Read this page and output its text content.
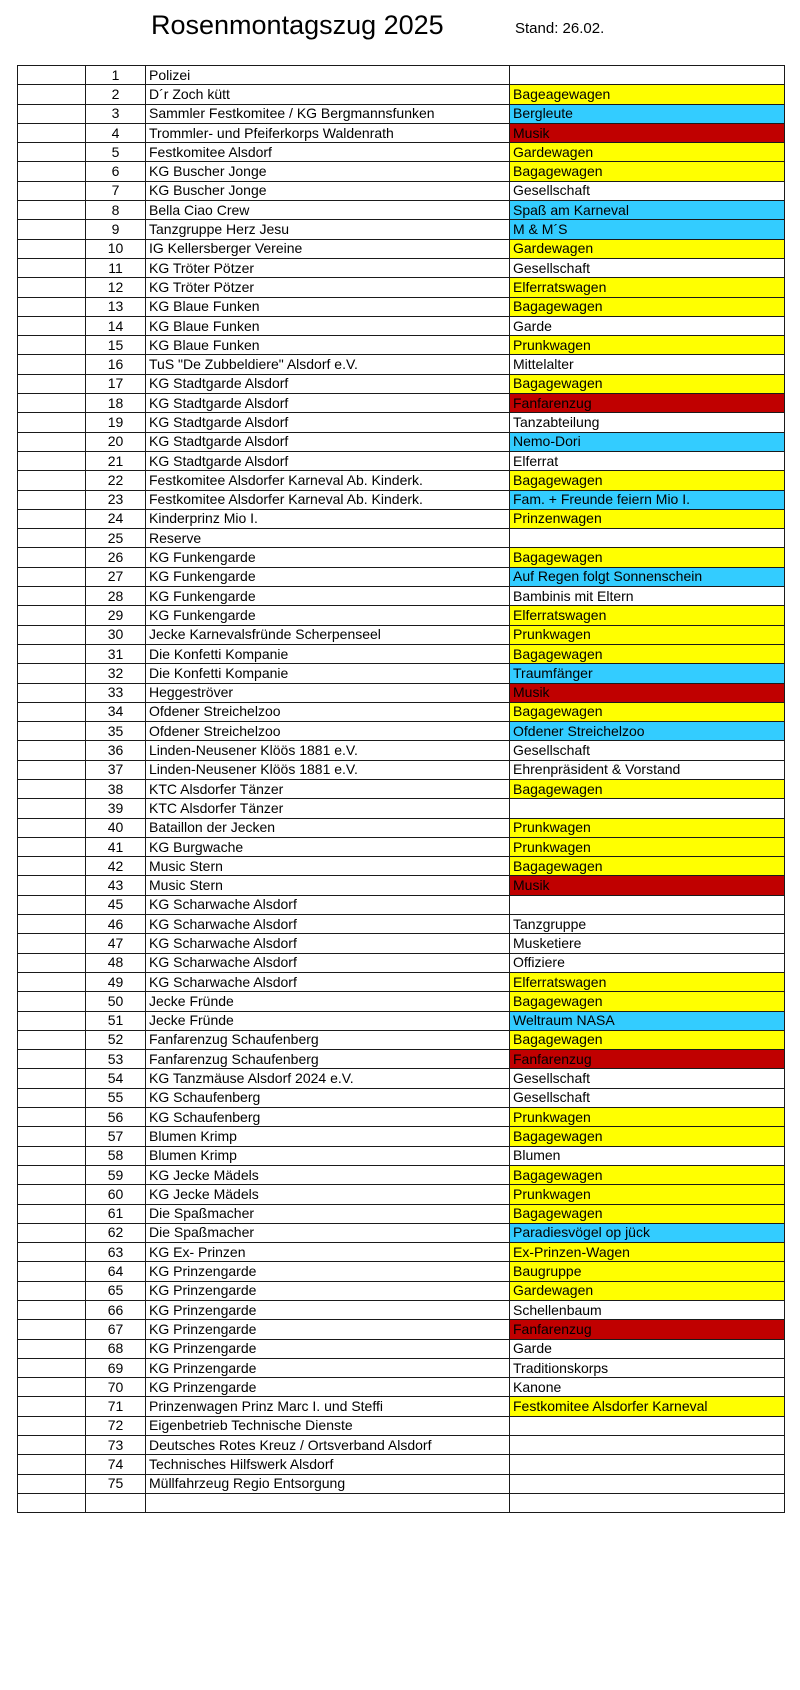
Rosenmontagszug 2025	Stand: 26.02.
	1	Polizei	
	2	D´r Zoch kütt	Bageagewagen
	3	Sammler Festkomitee / KG Bergmannsfunken	Bergleute
	4	Trommler- und Pfeiferkorps Waldenrath	Musik
	5	Festkomitee Alsdorf	Gardewagen
	6	KG Buscher Jonge	Bagagewagen
	7	KG Buscher Jonge	Gesellschaft
	8	Bella Ciao Crew	Spaß am Karneval
	9	Tanzgruppe Herz Jesu	M & M´S
	10	IG Kellersberger Vereine	Gardewagen
	11	KG Tröter Pötzer	Gesellschaft
	12	KG Tröter Pötzer	Elferratswagen
	13	KG Blaue Funken	Bagagewagen
	14	KG Blaue Funken	Garde
	15	KG Blaue Funken	Prunkwagen
	16	TuS "De Zubbeldiere" Alsdorf e.V.	Mittelalter
	17	KG Stadtgarde Alsdorf	Bagagewagen
	18	KG Stadtgarde Alsdorf	Fanfarenzug
	19	KG Stadtgarde Alsdorf	Tanzabteilung
	20	KG Stadtgarde Alsdorf	Nemo-Dori
	21	KG Stadtgarde Alsdorf	Elferrat
	22	Festkomitee Alsdorfer Karneval Ab. Kinderk.	Bagagewagen
	23	Festkomitee Alsdorfer Karneval Ab. Kinderk.	Fam. + Freunde feiern Mio I.
	24	Kinderprinz Mio I.	Prinzenwagen
	25	Reserve	
	26	KG Funkengarde	Bagagewagen
	27	KG Funkengarde	Auf Regen folgt Sonnenschein
	28	KG Funkengarde	Bambinis mit Eltern
	29	KG Funkengarde	Elferratswagen
	30	Jecke Karnevalsfründe Scherpenseel	Prunkwagen
	31	Die Konfetti Kompanie	Bagagewagen
	32	Die Konfetti Kompanie	Traumfänger
	33	Heggeströver	Musik
	34	Ofdener Streichelzoo	Bagagewagen
	35	Ofdener Streichelzoo	Ofdener Streichelzoo
	36	Linden-Neusener Klöös 1881 e.V.	Gesellschaft
	37	Linden-Neusener Klöös 1881 e.V.	Ehrenpräsident & Vorstand
	38	KTC Alsdorfer Tänzer	Bagagewagen
	39	KTC Alsdorfer Tänzer	
	40	Bataillon der Jecken	Prunkwagen
	41	KG Burgwache	Prunkwagen
	42	Music Stern	Bagagewagen
	43	Music Stern	Musik
	45	KG Scharwache Alsdorf	
	46	KG Scharwache Alsdorf	Tanzgruppe
	47	KG Scharwache Alsdorf	Musketiere
	48	KG Scharwache Alsdorf	Offiziere
	49	KG Scharwache Alsdorf	Elferratswagen
	50	Jecke Fründe	Bagagewagen
	51	Jecke Fründe	Weltraum NASA
	52	Fanfarenzug Schaufenberg	Bagagewagen
	53	Fanfarenzug Schaufenberg	Fanfarenzug
	54	KG Tanzmäuse Alsdorf 2024 e.V.	Gesellschaft
	55	KG Schaufenberg	Gesellschaft
	56	KG Schaufenberg	Prunkwagen
	57	Blumen Krimp	Bagagewagen
	58	Blumen Krimp	Blumen
	59	KG Jecke Mädels	Bagagewagen
	60	KG Jecke Mädels	Prunkwagen
	61	Die Spaßmacher	Bagagewagen
	62	Die Spaßmacher	Paradiesvögel op jück
	63	KG Ex- Prinzen	Ex-Prinzen-Wagen
	64	KG Prinzengarde	Baugruppe
	65	KG Prinzengarde	Gardewagen
	66	KG Prinzengarde	Schellenbaum
	67	KG Prinzengarde	Fanfarenzug
	68	KG Prinzengarde	Garde
	69	KG Prinzengarde	Traditionskorps
	70	KG Prinzengarde	Kanone
	71	Prinzenwagen Prinz Marc I. und Steffi	Festkomitee Alsdorfer Karneval
	72	Eigenbetrieb Technische Dienste	
	73	Deutsches Rotes Kreuz / Ortsverband Alsdorf	
	74	Technisches Hilfswerk Alsdorf	
	75	Müllfahrzeug Regio Entsorgung	
